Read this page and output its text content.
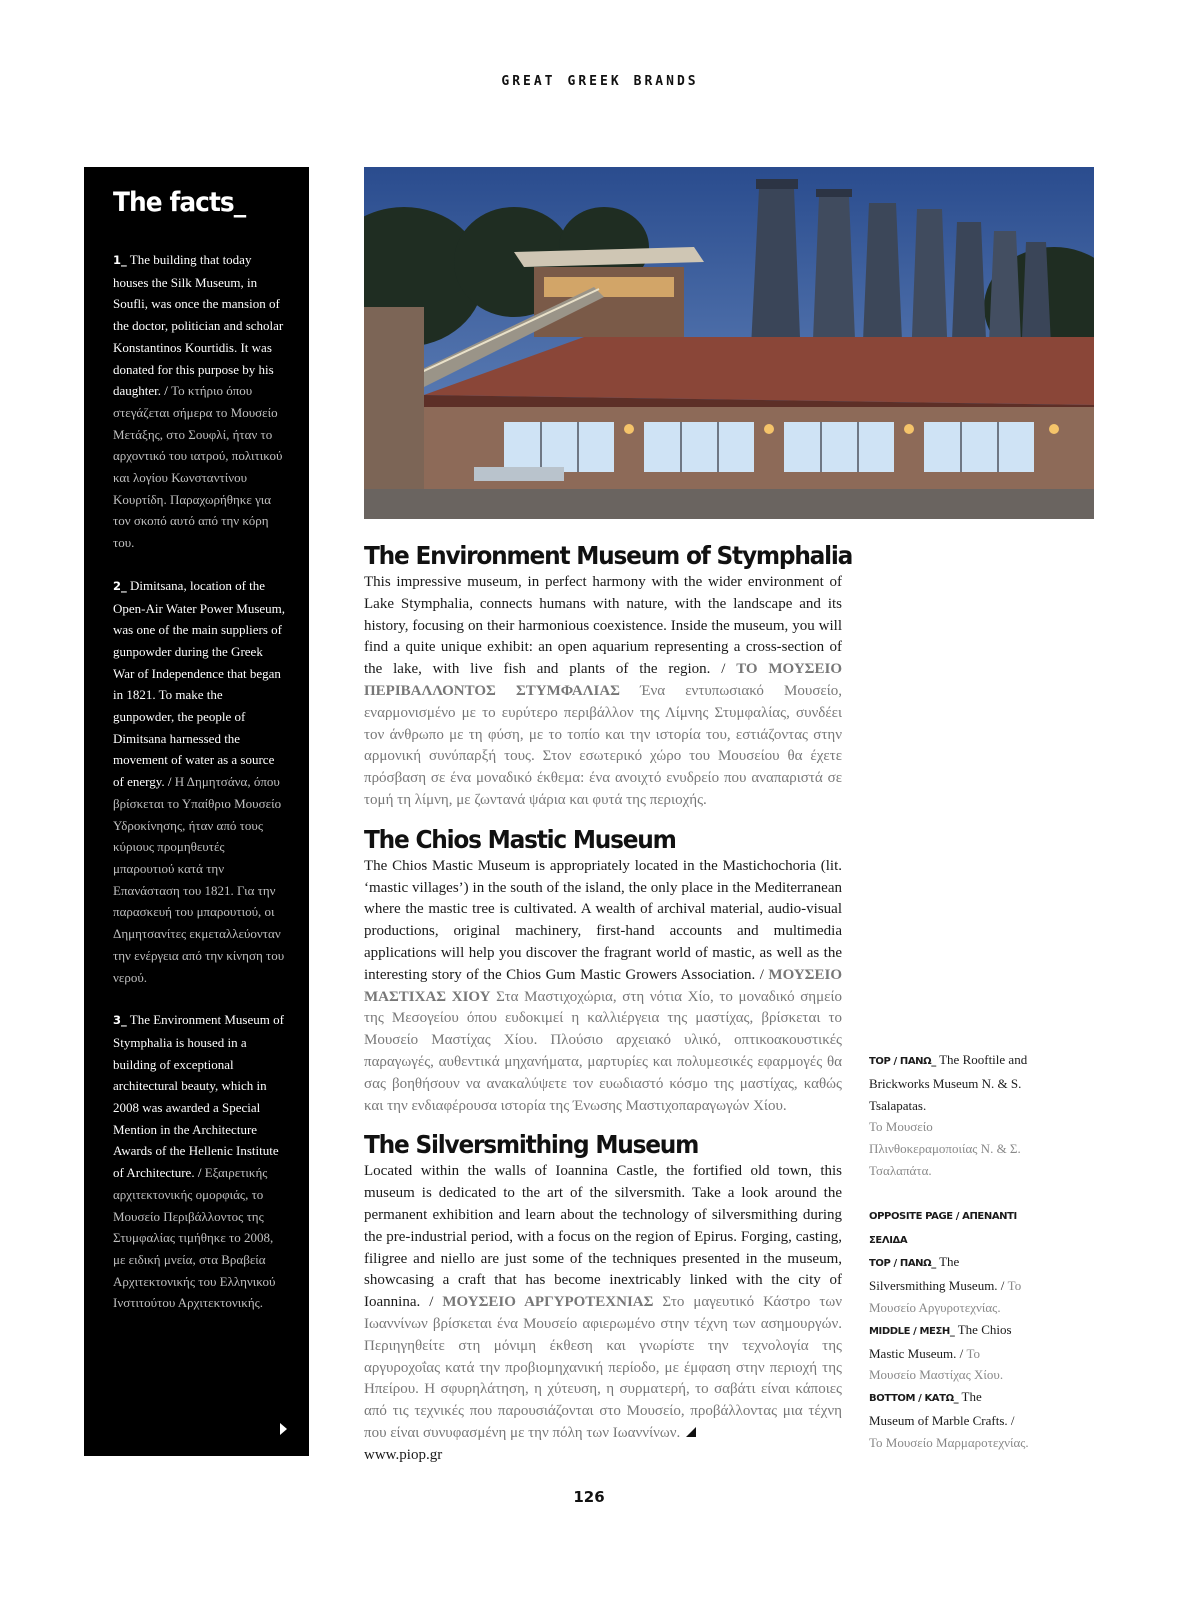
GREAT GREEK BRANDS
The facts_
1_ The building that today houses the Silk Museum, in Soufli, was once the mansion of the doctor, politician and scholar Konstantinos Kourtidis. It was donated for this purpose by his daughter. / Το κτήριο όπου στεγάζεται σήμερα το Μουσείο Μετάξης, στο Σουφλί, ήταν το αρχοντικό του ιατρού, πολιτικού και λογίου Κωνσταντίνου Κουρτίδη. Παραχωρήθηκε για τον σκοπό αυτό από την κόρη του.
2_ Dimitsana, location of the Open-Air Water Power Museum, was one of the main suppliers of gunpowder during the Greek War of Independence that began in 1821. To make the gunpowder, the people of Dimitsana harnessed the movement of water as a source of energy. / Η Δημητσάνα, όπου βρίσκεται το Υπαίθριο Μουσείο Υδροκίνησης, ήταν από τους κύριους προμηθευτές μπαρουτιού κατά την Επανάσταση του 1821. Για την παρασκευή του μπαρουτιού, οι Δημητσανίτες εκμεταλλεύονταν την ενέργεια από την κίνηση του νερού.
3_ The Environment Museum of Stymphalia is housed in a building of exceptional architectural beauty, which in 2008 was awarded a Special Mention in the Architecture Awards of the Hellenic Institute of Architecture. / Εξαιρετικής αρχιτεκτονικής ομορφιάς, το Μουσείο Περιβάλλοντος της Στυμφαλίας τιμήθηκε το 2008, με ειδική μνεία, στα Βραβεία Αρχιτεκτονικής του Ελληνικού Ινστιτούτου Αρχιτεκτονικής.
The Environment Museum of Stymphalia

This impressive museum, in perfect harmony with the wider environment of Lake Stymphalia, connects humans with nature, with the landscape and its history, focusing on their harmonious coexistence. Inside the museum, you will find a quite unique exhibit: an open aquarium representing a cross-section of the lake, with live fish and plants of the region. / ΤΟ ΜΟΥΣΕΙΟ ΠΕΡΙΒΑΛΛΟΝΤΟΣ ΣΤΥΜΦΑΛΙΑΣ Ένα εντυπωσιακό Μουσείο, εναρμονισμένο με το ευρύτερο περιβάλλον της Λίμνης Στυμφαλίας, συνδέει τον άνθρωπο με τη φύση, με το τοπίο και την ιστορία του, εστιάζοντας στην αρμονική συνύπαρξή τους. Στον εσωτερικό χώρο του Μουσείου θα έχετε πρόσβαση σε ένα μοναδικό έκθεμα: ένα ανοιχτό ενυδρείο που αναπαριστά σε τομή τη λίμνη, με ζωντανά ψάρια και φυτά της περιοχής.

The Chios Mastic Museum

The Chios Mastic Museum is appropriately located in the Mastichochoria (lit. ‘mastic villages’) in the south of the island, the only place in the Mediterranean where the mastic tree is cultivated. A wealth of archival material, audio-visual productions, original machinery, first-hand accounts and multimedia applications will help you discover the fragrant world of mastic, as well as the interesting story of the Chios Gum Mastic Growers Association. / ΜΟΥΣΕΙΟ ΜΑΣΤΙΧΑΣ ΧΙΟΥ Στα Μαστιχοχώρια, στη νότια Χίο, το μοναδικό σημείο της Μεσογείου όπου ευδοκιμεί η καλλιέργεια της μαστίχας, βρίσκεται το Μουσείο Μαστίχας Χίου. Πλούσιο αρχειακό υλικό, οπτικοακουστικές παραγωγές, αυθεντικά μηχανήματα, μαρτυρίες και πολυμεσικές εφαρμογές θα σας βοηθήσουν να ανακαλύψετε τον ευωδιαστό κόσμο της μαστίχας, καθώς και την ενδιαφέρουσα ιστορία της Ένωσης Μαστιχοπαραγωγών Χίου.

The Silversmithing Museum

Located within the walls of Ioannina Castle, the fortified old town, this museum is dedicated to the art of the silversmith. Take a look around the permanent exhibition and learn about the technology of silversmithing during the pre-industrial period, with a focus on the region of Epirus. Forging, casting, filigree and niello are just some of the techniques presented in the museum, showcasing a craft that has become inextricably linked with the city of Ioannina. / ΜΟΥΣΕΙΟ ΑΡΓΥΡΟΤΕΧΝΙΑΣ Στο μαγευτικό Κάστρο των Ιωαννίνων βρίσκεται ένα Μουσείο αφιερωμένο στην τέχνη των ασημουργών. Περιηγηθείτε στη μόνιμη έκθεση και γνωρίστε την τεχνολογία της αργυροχοΐας κατά την προβιομηχανική περίοδο, με έμφαση στην περιοχή της Ηπείρου. Η σφυρηλάτηση, η χύτευση, η συρματερή, το σαβάτι είναι κάποιες από τις τεχνικές που παρουσιάζονται στο Μουσείο, προβάλλοντας μια τέχνη που είναι συνυφασμένη με την πόλη των Ιωαννίνων.
www.piop.gr

TOP / ΠΑΝΩ_ The Rooftile and Brickworks Museum N. & S. Tsalapatas.
Το Μουσείο Πλινθοκεραμοποιίας Ν. & Σ. Τσαλαπάτα.
OPPOSITE PAGE / ΑΠΕΝΑΝΤΙ ΣΕΛΙΔΑ
TOP / ΠΑΝΩ_ The Silversmithing Museum. / Το Μουσείο Αργυροτεχνίας.
MIDDLE / ΜΕΣΗ_ The Chios Mastic Museum. / Το Μουσείο Μαστίχας Χίου.
BOTTOM / ΚΑΤΩ_ The Museum of Marble Crafts. / Το Μουσείο Μαρμαροτεχνίας.
126
